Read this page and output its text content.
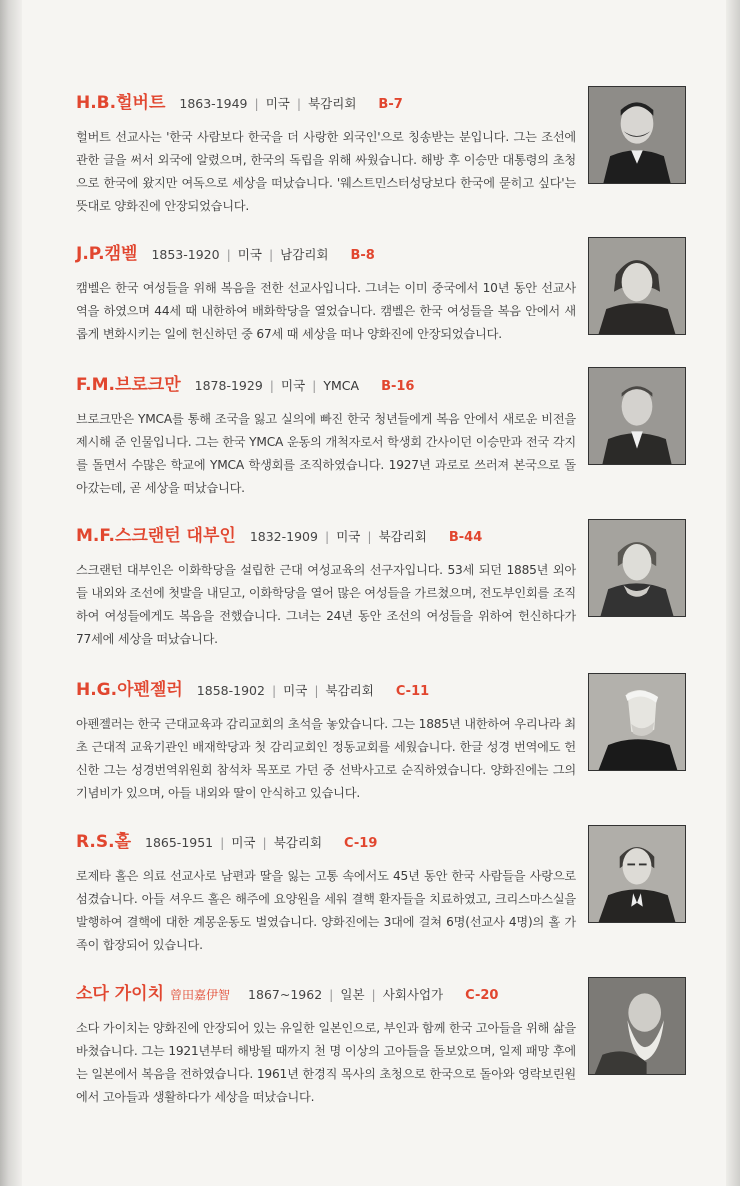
H.B.헐버트 1863-1949 | 미국 | 북감리회 B-7

헐버트 선교사는 '한국 사람보다 한국을 더 사랑한 외국인'으로 칭송받는 분입니다. 그는 조선에 관한 글을 써서 외국에 알렸으며, 한국의 독립을 위해 싸웠습니다. 해방 후 이승만 대통령의 초청으로 한국에 왔지만 여독으로 세상을 떠났습니다. '웨스트민스터성당보다 한국에 묻히고 싶다'는 뜻대로 양화진에 안장되었습니다.

J.P.캠벨 1853-1920 | 미국 | 남감리회 B-8

캠벨은 한국 여성들을 위해 복음을 전한 선교사입니다. 그녀는 이미 중국에서 10년 동안 선교사역을 하였으며 44세 때 내한하여 배화학당을 열었습니다. 캠벨은 한국 여성들을 복음 안에서 새롭게 변화시키는 일에 헌신하던 중 67세 때 세상을 떠나 양화진에 안장되었습니다.

F.M.브로크만 1878-1929 | 미국 | YMCA B-16

브로크만은 YMCA를 통해 조국을 잃고 실의에 빠진 한국 청년들에게 복음 안에서 새로운 비전을 제시해 준 인물입니다. 그는 한국 YMCA 운동의 개척자로서 학생회 간사이던 이승만과 전국 각지를 돌면서 수많은 학교에 YMCA 학생회를 조직하였습니다. 1927년 과로로 쓰러져 본국으로 돌아갔는데, 곧 세상을 떠났습니다.

M.F.스크랜턴 대부인 1832-1909 | 미국 | 북감리회 B-44

스크랜턴 대부인은 이화학당을 설립한 근대 여성교육의 선구자입니다. 53세 되던 1885년 외아들 내외와 조선에 첫발을 내딛고, 이화학당을 열어 많은 여성들을 가르쳤으며, 전도부인회를 조직하여 여성들에게도 복음을 전했습니다. 그녀는 24년 동안 조선의 여성들을 위하여 헌신하다가 77세에 세상을 떠났습니다.

H.G.아펜젤러 1858-1902 | 미국 | 북감리회 C-11

아펜젤러는 한국 근대교육과 감리교회의 초석을 놓았습니다. 그는 1885년 내한하여 우리나라 최초 근대적 교육기관인 배재학당과 첫 감리교회인 정동교회를 세웠습니다. 한글 성경 번역에도 헌신한 그는 성경번역위원회 참석차 목포로 가던 중 선박사고로 순직하였습니다. 양화진에는 그의 기념비가 있으며, 아들 내외와 딸이 안식하고 있습니다.

R.S.홀 1865-1951 | 미국 | 북감리회 C-19

로제타 홀은 의료 선교사로 남편과 딸을 잃는 고통 속에서도 45년 동안 한국 사람들을 사랑으로 섬겼습니다. 아들 셔우드 홀은 해주에 요양원을 세워 결핵 환자들을 치료하였고, 크리스마스실을 발행하여 결핵에 대한 계몽운동도 벌였습니다. 양화진에는 3대에 걸쳐 6명(선교사 4명)의 홀 가족이 합장되어 있습니다.

소다 가이치 曾田嘉伊智 1867~1962 | 일본 | 사회사업가 C-20

소다 가이치는 양화진에 안장되어 있는 유일한 일본인으로, 부인과 함께 한국 고아들을 위해 삶을 바쳤습니다. 그는 1921년부터 해방될 때까지 천 명 이상의 고아들을 돌보았으며, 일제 패망 후에는 일본에서 복음을 전하였습니다. 1961년 한경직 목사의 초청으로 한국으로 돌아와 영락보린원에서 고아들과 생활하다가 세상을 떠났습니다.
